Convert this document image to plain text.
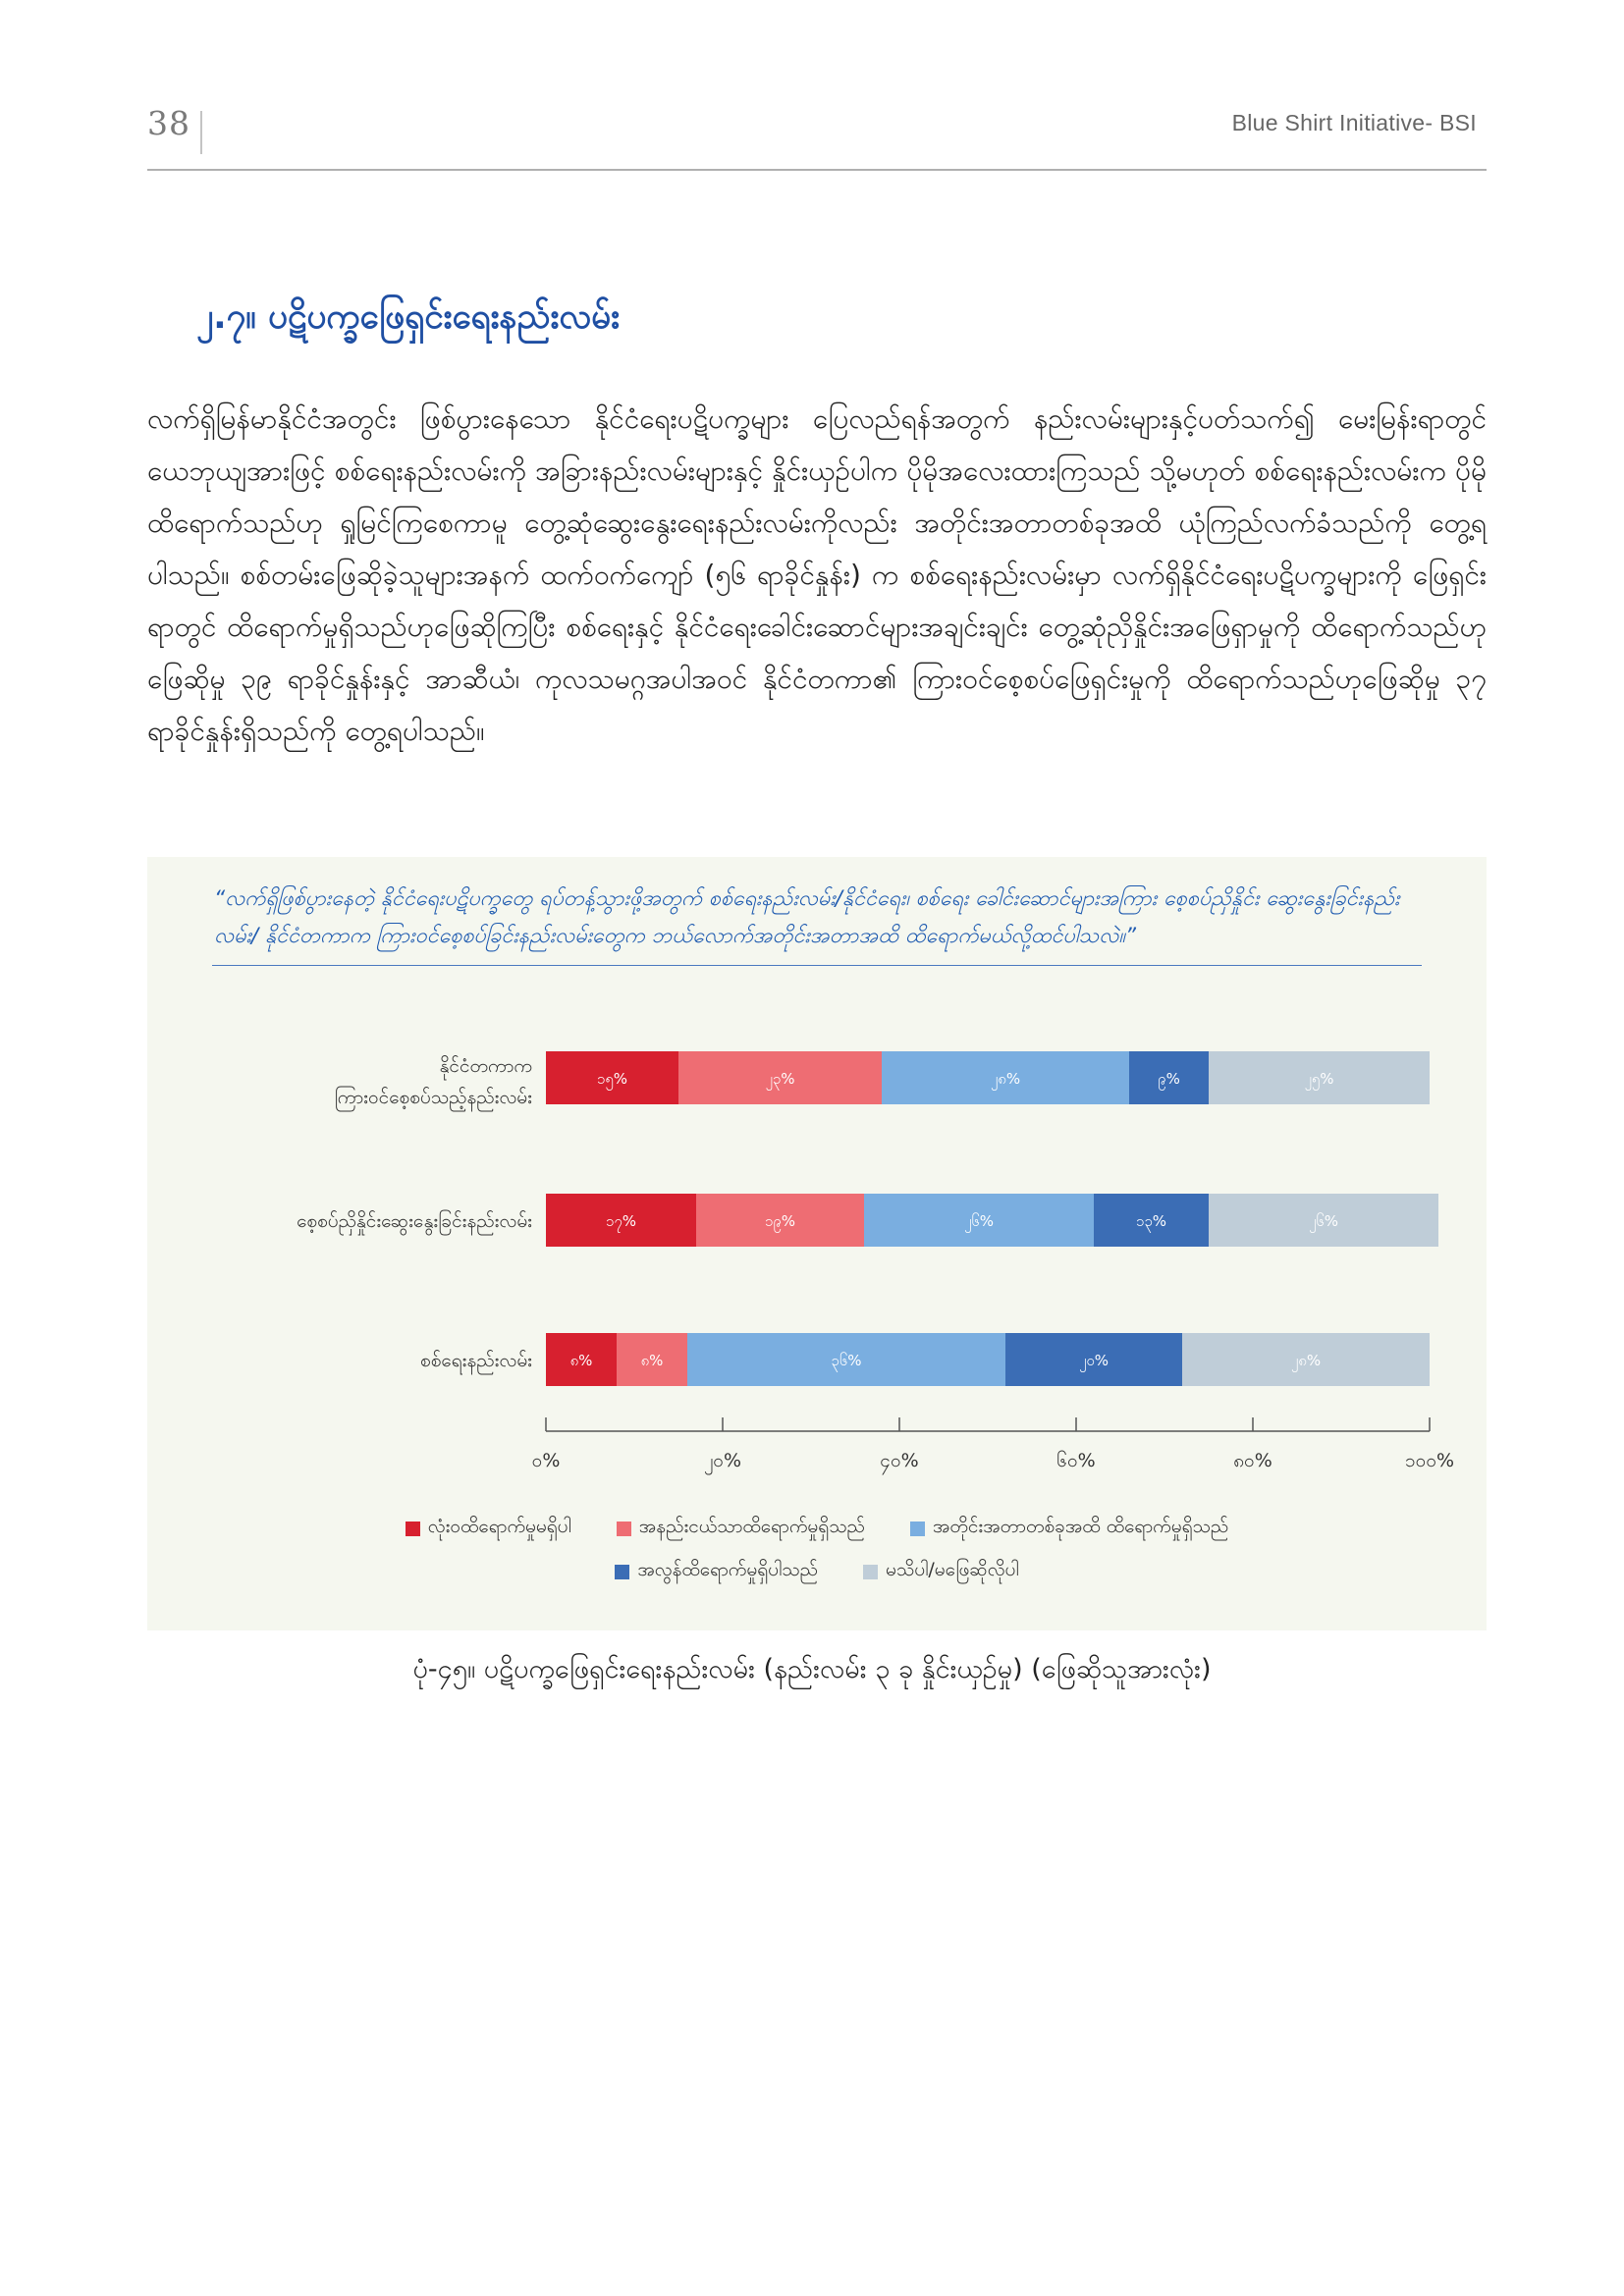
38	Blue Shirt Initiative- BSI
၂.၇။ ပဋိပက္ခဖြေရှင်းရေးနည်းလမ်း
လက်ရှိမြန်မာနိုင်ငံအတွင်း ဖြစ်ပွားနေသော နိုင်ငံရေးပဋိပက္ခများ ပြေလည်ရန်အတွက် နည်းလမ်းများနှင့်ပတ်သက်၍ မေးမြန်းရာတွင် ယေဘုယျအားဖြင့် စစ်ရေးနည်းလမ်းကို အခြားနည်းလမ်းများနှင့် နှိုင်းယှဉ်ပါက ပိုမိုအလေးထားကြသည် သို့မဟုတ် စစ်ရေးနည်းလမ်းက ပိုမိုထိရောက်သည်ဟု ရှုမြင်ကြစေကာမူ တွေ့ဆုံဆွေးနွေးရေးနည်းလမ်းကိုလည်း အတိုင်းအတာတစ်ခုအထိ ယုံကြည်လက်ခံသည်ကို တွေ့ရပါသည်။ စစ်တမ်းဖြေဆိုခဲ့သူများအနက် ထက်ဝက်ကျော် (၅၆ ရာခိုင်နှုန်း) က စစ်ရေးနည်းလမ်းမှာ လက်ရှိနိုင်ငံရေးပဋိပက္ခများကို ဖြေရှင်းရာတွင် ထိရောက်မှုရှိသည်ဟုဖြေဆိုကြပြီး စစ်ရေးနှင့် နိုင်ငံရေးခေါင်းဆောင်များအချင်းချင်း တွေ့ဆုံညှိနှိုင်းအဖြေရှာမှုကို ထိရောက်သည်ဟုဖြေဆိုမှု ၃၉ ရာခိုင်နှုန်းနှင့် အာဆီယံ၊ ကုလသမဂ္ဂအပါအဝင် နိုင်ငံတကာ၏ ကြားဝင်စေ့စပ်ဖြေရှင်းမှုကို ထိရောက်သည်ဟုဖြေဆိုမှု ၃၇ ရာခိုင်နှုန်းရှိသည်ကို တွေ့ရပါသည်။
“လက်ရှိဖြစ်ပွားနေတဲ့ နိုင်ငံရေးပဋိပက္ခတွေ ရပ်တန့်သွားဖို့အတွက် စစ်ရေးနည်းလမ်း/နိုင်ငံရေး၊ စစ်ရေး ခေါင်းဆောင်များအကြား စေ့စပ်ညှိနှိုင်း ဆွေးနွေးခြင်းနည်းလမ်း/ နိုင်ငံတကာက ကြားဝင်စေ့စပ်ခြင်းနည်းလမ်းတွေက ဘယ်လောက်အတိုင်းအတာအထိ ထိရောက်မယ်လို့ထင်ပါသလဲ။”
နိုင်ငံတကာကကြားဝင်စေ့စပ်သည့်နည်းလမ်း
စေ့စပ်ညှိနှိုင်းဆွေးနွေးခြင်းနည်းလမ်း
စစ်ရေးနည်းလမ်း
၁၅%	၂၃%	၂၈%	၉%	၂၅%
၁၇%	၁၉%	၂၆%	၁၃%	၂၆%
၈%	၈%	၃၆%	၂၀%	၂၈%
၀%	၂၀%	၄၀%	၆၀%	၈၀%	၁၀၀%
လုံးဝထိရောက်မှုမရှိပါ	အနည်းငယ်သာထိရောက်မှုရှိသည်	အတိုင်းအတာတစ်ခုအထိ ထိရောက်မှုရှိသည်
အလွန်ထိရောက်မှုရှိပါသည်	မသိပါ/မဖြေဆိုလိုပါ
ပုံ-၄၅။ ပဋိပက္ခဖြေရှင်းရေးနည်းလမ်း (နည်းလမ်း ၃ ခု နှိုင်းယှဉ်မှု) (ဖြေဆိုသူအားလုံး)
